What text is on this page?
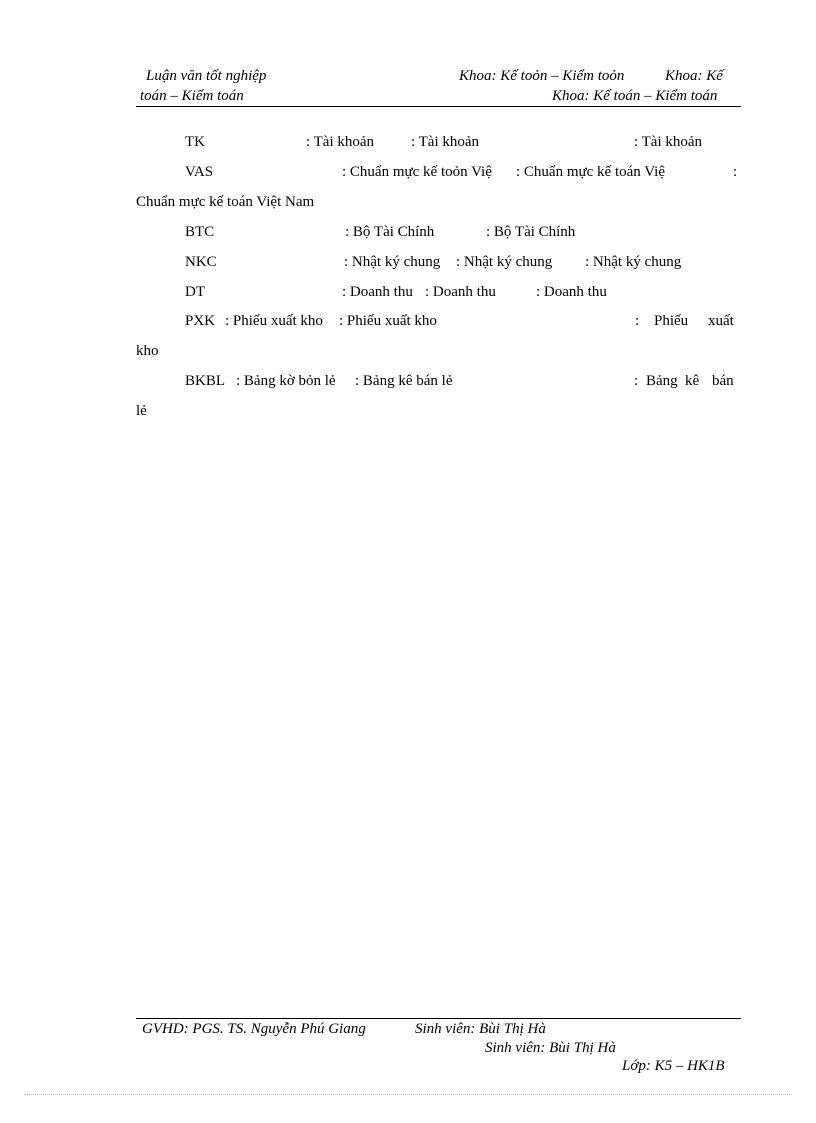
Luận văn tốt nghiệp	Khoa: Kế toỏn – Kiểm toỏn	Khoa: Kế
toán – Kiểm toán	Khoa: Kế toán – Kiểm toán
TK	: Tài khoản : Tài khoản	: Tài khoản
VAS	: Chuẩn mực kế toỏn Việ : Chuẩn mực kế toán Việ	:
Chuẩn mực kế toán Việt Nam
BTC	: Bộ Tài Chính	: Bộ Tài Chính
NKC	: Nhật ký chung : Nhật ký chung : Nhật ký chung
DT	: Doanh thu : Doanh thu	: Doanh thu
PXK : Phiếu xuất kho : Phiếu xuất kho	: Phiếu xuất
kho
BKBL : Bảng kờ bỏn lẻ : Bảng kê bán lẻ	: Bảng kê bán
lẻ
GVHD: PGS. TS. Nguyễn Phú Giang	Sinh viên: Bùi Thị Hà
Sinh viên: Bùi Thị Hà
Lớp: K5 – HK1B
